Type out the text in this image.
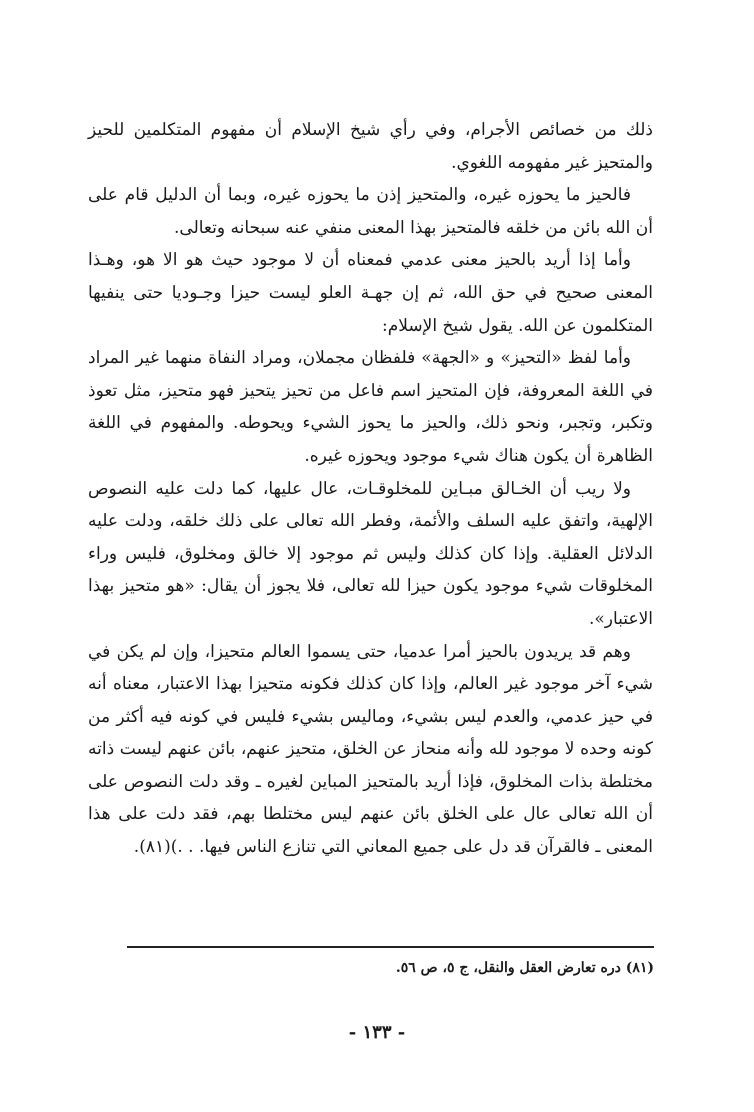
ذلك من خصائص الأجرام، وفي رأي شيخ الإسلام أن مفهوم المتكلمين للحيز والمتحيز غير مفهومه اللغوي.

فالحيز ما يحوزه غيره، والمتحيز إذن ما يحوزه غيره، وبما أن الدليل قام على أن الله بائن من خلقه فالمتحيز بهذا المعنى منفي عنه سبحانه وتعالى.

وأما إذا أريد بالحيز معنى عدمي فمعناه أن لا موجود حيث هو الا هو، وهـذا المعنى صحيح في حق الله، ثم إن جهـة العلو ليست حيزا وجـوديا حتى ينفيها المتكلمون عن الله. يقول شيخ الإسلام:

وأما لفظ «التحيز» و «الجهة» فلفظان مجملان، ومراد النفاة منهما غير المراد في اللغة المعروفة، فإن المتحيز اسم فاعل من تحيز يتحيز فهو متحيز، مثل تعوذ وتكبر، وتجبر، ونحو ذلك، والحيز ما يحوز الشيء ويحوطه. والمفهوم في اللغة الظاهرة أن يكون هناك شيء موجود ويحوزه غيره.

ولا ريب أن الخـالق مبـاين للمخلوقـات، عال عليها، كما دلت عليه النصوص الإلهية، واتفق عليه السلف والأئمة، وفطر الله تعالى على ذلك خلقه، ودلت عليه الدلائل العقلية. وإذا كان كذلك وليس ثم موجود إلا خالق ومخلوق، فليس وراء المخلوقات شيء موجود يكون حيزا لله تعالى، فلا يجوز أن يقال: «هو متحيز بهذا الاعتبار».

وهم قد يريدون بالحيز أمرا عدميا، حتى يسموا العالم متحيزا، وإن لم يكن في شيء آخر موجود غير العالم، وإذا كان كذلك فكونه متحيزا بهذا الاعتبار، معناه أنه في حيز عدمي، والعدم ليس بشيء، وماليس بشيء فليس في كونه فيه أكثر من كونه وحده لا موجود لله وأنه منحاز عن الخلق، متحيز عنهم، بائن عنهم ليست ذاته مختلطة بذات المخلوق، فإذا أريد بالمتحيز المباين لغيره ـ وقد دلت النصوص على أن الله تعالى عال على الخلق بائن عنهم ليس مختلطا بهم، فقد دلت على هذا المعنى ـ فالقرآن قد دل على جميع المعاني التي تنازع الناس فيها. . .)(٨١).

(٨١) دره تعارض العقل والنقل، ج ٥، ص ٥٦.
- ١٣٣ -
